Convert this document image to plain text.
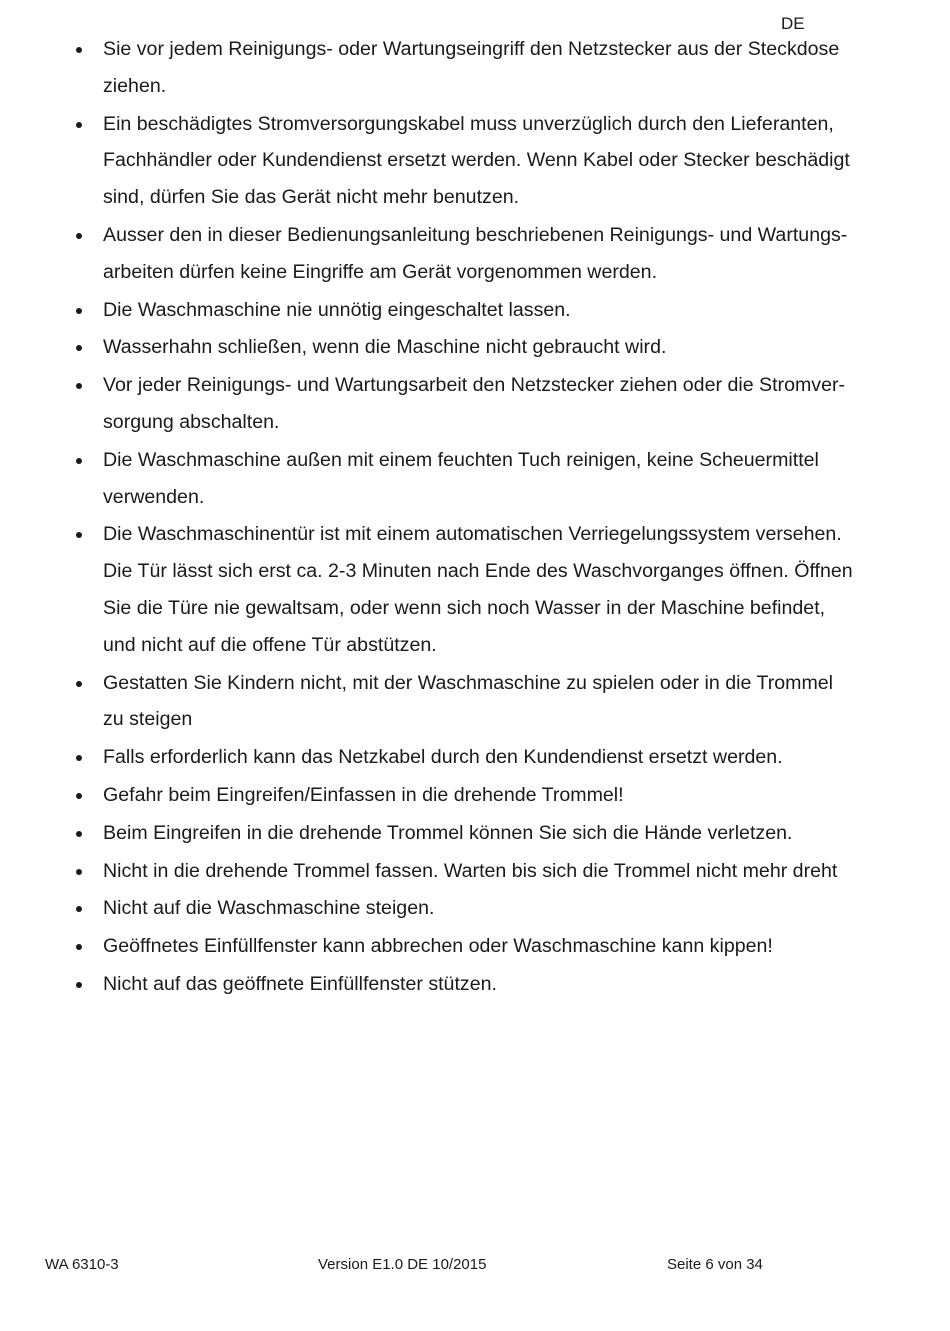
DE
Sie vor jedem Reinigungs- oder Wartungseingriff den Netzstecker aus der Steckdose
ziehen.
Ein beschädigtes Stromversorgungskabel muss unverzüglich durch den Lieferanten,
Fachhändler oder Kundendienst ersetzt werden. Wenn Kabel oder Stecker beschädigt
sind, dürfen Sie das Gerät nicht mehr benutzen.
Ausser den in dieser Bedienungsanleitung beschriebenen Reinigungs- und Wartungs-
arbeiten dürfen keine Eingriffe am Gerät vorgenommen werden.
Die Waschmaschine nie unnötig eingeschaltet lassen.
Wasserhahn schließen, wenn die Maschine nicht gebraucht wird.
Vor jeder Reinigungs- und Wartungsarbeit den Netzstecker ziehen oder die Stromver-
sorgung abschalten.
Die Waschmaschine außen mit einem feuchten Tuch reinigen, keine Scheuermittel
verwenden.
Die Waschmaschinentür ist mit einem automatischen Verriegelungssystem versehen.
Die Tür lässt sich erst ca. 2-3 Minuten nach Ende des Waschvorganges öffnen. Öffnen
Sie die Türe nie gewaltsam, oder wenn sich noch Wasser in der Maschine befindet,
und nicht auf die offene Tür abstützen.
Gestatten Sie Kindern nicht, mit der Waschmaschine zu spielen oder in die Trommel
zu steigen
Falls erforderlich kann das Netzkabel durch den Kundendienst ersetzt werden.
Gefahr beim Eingreifen/Einfassen in die drehende Trommel!
Beim Eingreifen in die drehende Trommel können Sie sich die Hände verletzen.
Nicht in die drehende Trommel fassen. Warten bis sich die Trommel nicht mehr dreht
Nicht auf die Waschmaschine steigen.
Geöffnetes Einfüllfenster kann abbrechen oder Waschmaschine kann kippen!
Nicht auf das geöffnete Einfüllfenster stützen.
WA 6310-3	Version E1.0 DE 10/2015	Seite 6 von 34
